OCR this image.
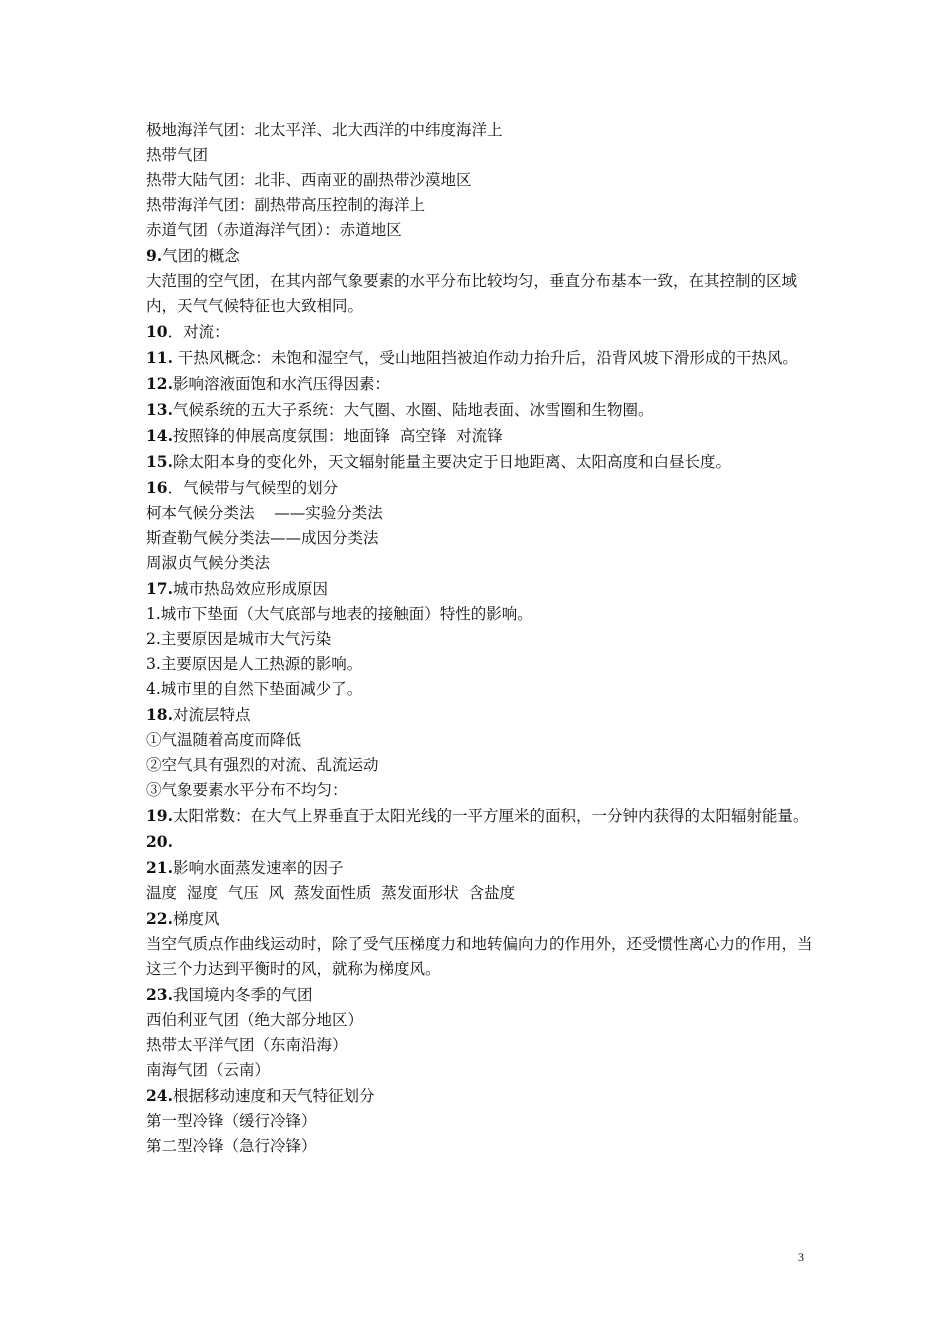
极地海洋气团：北太平洋、北大西洋的中纬度海洋上

热带气团

热带大陆气团：北非、西南亚的副热带沙漠地区

热带海洋气团：副热带高压控制的海洋上

赤道气团（赤道海洋气团）：赤道地区

9.气团的概念

大范围的空气团，在其内部气象要素的水平分布比较均匀，垂直分布基本一致，在其控制的区域内，天气气候特征也大致相同。

10．对流：

11. 干热风概念：未饱和湿空气，受山地阻挡被迫作动力抬升后，沿背风坡下滑形成的干热风。

12.影响溶液面饱和水汽压得因素：

13.气候系统的五大子系统：大气圈、水圈、陆地表面、冰雪圈和生物圈。

14.按照锋的伸展高度氛围：地面锋  高空锋  对流锋

15.除太阳本身的变化外，天文辐射能量主要决定于日地距离、太阳高度和白昼长度。

16．气候带与气候型的划分

柯本气候分类法    ——实验分类法

斯查勒气候分类法——成因分类法

周淑贞气候分类法

17.城市热岛效应形成原因

1.城市下垫面（大气底部与地表的接触面）特性的影响。

2.主要原因是城市大气污染

3.主要原因是人工热源的影响。

4.城市里的自然下垫面减少了。

18.对流层特点

①气温随着高度而降低

②空气具有强烈的对流、乱流运动

③气象要素水平分布不均匀：

19.太阳常数：在大气上界垂直于太阳光线的一平方厘米的面积，一分钟内获得的太阳辐射能量。

20.

21.影响水面蒸发速率的因子

温度  湿度  气压  风  蒸发面性质  蒸发面形状  含盐度

22.梯度风

当空气质点作曲线运动时，除了受气压梯度力和地转偏向力的作用外，还受惯性离心力的作用，当这三个力达到平衡时的风，就称为梯度风。

23.我国境内冬季的气团

西伯利亚气团（绝大部分地区）

热带太平洋气团（东南沿海）

南海气团（云南）

24.根据移动速度和天气特征划分

第一型冷锋（缓行冷锋）

第二型冷锋（急行冷锋）

3
